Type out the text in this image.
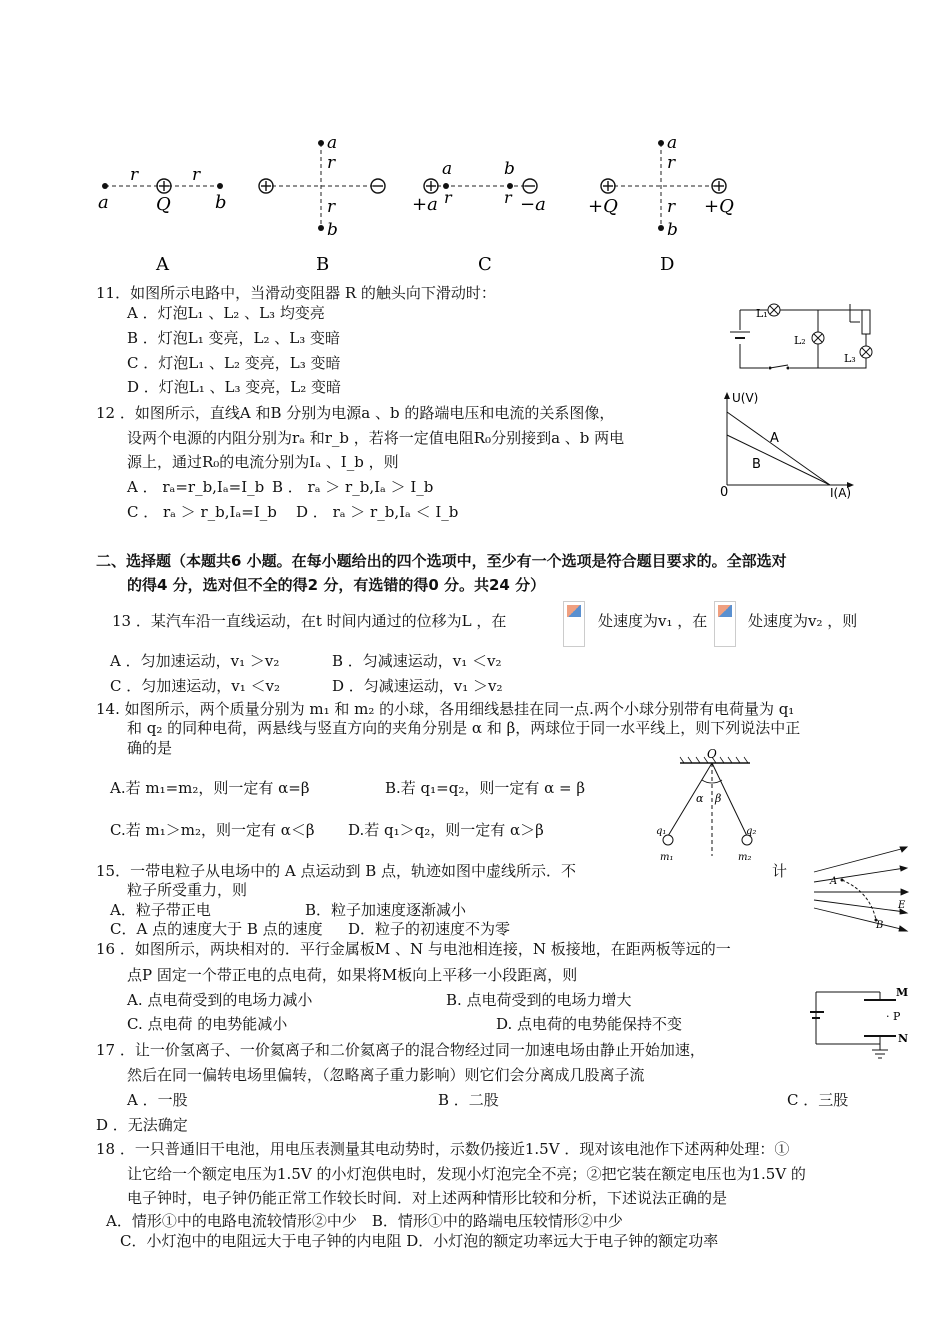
r	r
a	Q b
A
a
r
r
b
B
a	b
r	r
+a	−a
C
a
r
r
b
+Q	+Q
D
11．如图所示电路中，当滑动变阻器 R 的触头向下滑动时：
A ．灯泡L₁ 、L₂ 、L₃ 均变亮
B ．灯泡L₁ 变亮，L₂ 、L₃ 变暗
C ．灯泡L₁ 、L₂ 变亮，L₃ 变暗
D ．灯泡L₁ 、L₃ 变亮，L₂ 变暗
L₁
L₂
L₃
12 ．如图所示，直线A 和B 分别为电源a 、b 的路端电压和电流的关系图像，
设两个电源的内阻分别为rₐ 和r_b ，若将一定值电阻R₀分别接到a 、b 两电
源上，通过R₀的电流分别为Iₐ 、I_b ，则
A ． rₐ=r_b,Iₐ=I_b B ． rₐ ＞ r_b,Iₐ ＞ I_b
C ． rₐ ＞ r_b,Iₐ=I_b D ． rₐ ＞ r_b,Iₐ ＜ I_b
U(V)
I(A)
0
A
B
二、选择题（本题共6 小题。在每小题给出的四个选项中，至少有一个选项是符合题目要求的。全部选对
的得4 分，选对但不全的得2 分，有选错的得0 分。共24 分）
13 ．某汽车沿一直线运动，在t 时间内通过的位移为L ，在	处速度为v₁ ，在	处速度为v₂ ，则
A ．匀加速运动，v₁ ＞v₂	B ．匀减速运动，v₁ ＜v₂
C ．匀加速运动，v₁ ＜v₂	D ．匀减速运动，v₁ ＞v₂
14. 如图所示，两个质量分别为 m₁ 和 m₂ 的小球，各用细线悬挂在同一点.两个小球分别带有电荷量为 q₁
和 q₂ 的同种电荷，两悬线与竖直方向的夹角分别是 α 和 β，两球位于同一水平线上，则下列说法中正
确的是
A.若 m₁=m₂，则一定有 α=β	B.若 q₁=q₂，则一定有 α = β
C.若 m₁＞m₂，则一定有 α＜β D.若 q₁＞q₂，则一定有 α＞β
O
α β
q₁	q₂
m₁	m₂
15．一带电粒子从电场中的 A 点运动到 B 点，轨迹如图中虚线所示．不	计
粒子所受重力，则
A．粒子带正电	B．粒子加速度逐渐减小
C．A 点的速度大于 B 点的速度 D．粒子的初速度不为零
A
B
E
16 ．如图所示，两块相对的．平行金属板M 、N 与电池相连接，N 板接地，在距两板等远的一
点P 固定一个带正电的点电荷，如果将M板向上平移一小段距离，则
A. 点电荷受到的电场力减小	B. 点电荷受到的电场力增大
C. 点电荷 的电势能减小	D. 点电荷的电势能保持不变
M
· P
N
17 ．让一价氢离子、一价氦离子和二价氦离子的混合物经过同一加速电场由静止开始加速，
然后在同一偏转电场里偏转，（忽略离子重力影响）则它们会分离成几股离子流
A ．一股	B ．二股	C ．三股
D ．无法确定
18 ．一只普通旧干电池，用电压表测量其电动势时，示数仍接近1.5V ．现对该电池作下述两种处理：①
让它给一个额定电压为1.5V 的小灯泡供电时，发现小灯泡完全不亮；②把它装在额定电压也为1.5V 的
电子钟时，电子钟仍能正常工作较长时间．对上述两种情形比较和分析，下述说法正确的是
A．情形①中的电路电流较情形②中少　B．情形①中的路端电压较情形②中少
C．小灯泡中的电阻远大于电子钟的内电阻 D．小灯泡的额定功率远大于电子钟的额定功率
